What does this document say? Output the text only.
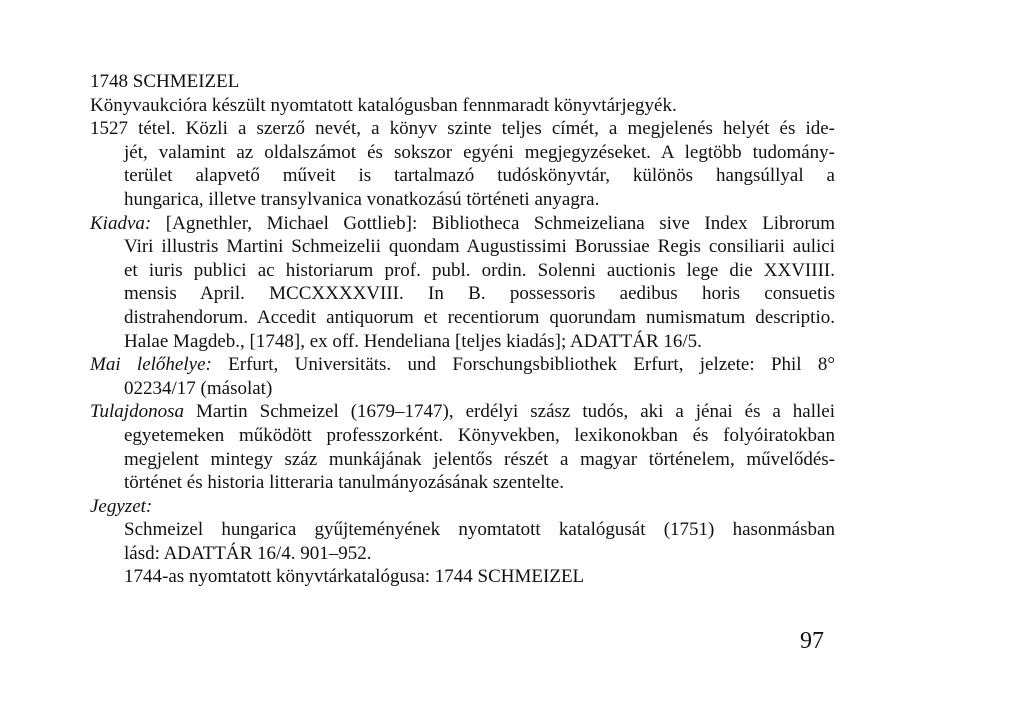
1748 SCHMEIZEL
Könyvaukcióra készült nyomtatott katalógusban fennmaradt könyvtárjegyék.
1527 tétel. Közli a szerző nevét, a könyv szinte teljes címét, a megjelenés helyét és ide-
jét, valamint az oldalszámot és sokszor egyéni megjegyzéseket. A legtöbb tudomány-
terület alapvető műveit is tartalmazó tudóskönyvtár, különös hangsúllyal a
hungarica, illetve transylvanica vonatkozású történeti anyagra.
Kiadva: [Agnethler, Michael Gottlieb]: Bibliotheca Schmeizeliana sive Index Librorum
Viri illustris Martini Schmeizelii quondam Augustissimi Borussiae Regis consiliarii aulici
et iuris publici ac historiarum prof. publ. ordin. Solenni auctionis lege die XXVIIII.
mensis April. MCCXXXXVIII. In B. possessoris aedibus horis consuetis
distrahendorum. Accedit antiquorum et recentiorum quorundam numismatum descriptio.
Halae Magdeb., [1748], ex off. Hendeliana [teljes kiadás]; ADATTÁR 16/5.
Mai lelőhelye: Erfurt, Universitäts. und Forschungsbibliothek Erfurt, jelzete: Phil 8°
02234/17 (másolat)
Tulajdonosa Martin Schmeizel (1679–1747), erdélyi szász tudós, aki a jénai és a hallei
egyetemeken működött professzorként. Könyvekben, lexikonokban és folyóiratokban
megjelent mintegy száz munkájának jelentős részét a magyar történelem, művelődés-
történet és historia litteraria tanulmányozásának szentelte.
Jegyzet:
Schmeizel hungarica gyűjteményének nyomtatott katalógusát (1751) hasonmásban
lásd: ADATTÁR 16/4. 901–952.
1744-as nyomtatott könyvtárkatalógusa: 1744 SCHMEIZEL
97
